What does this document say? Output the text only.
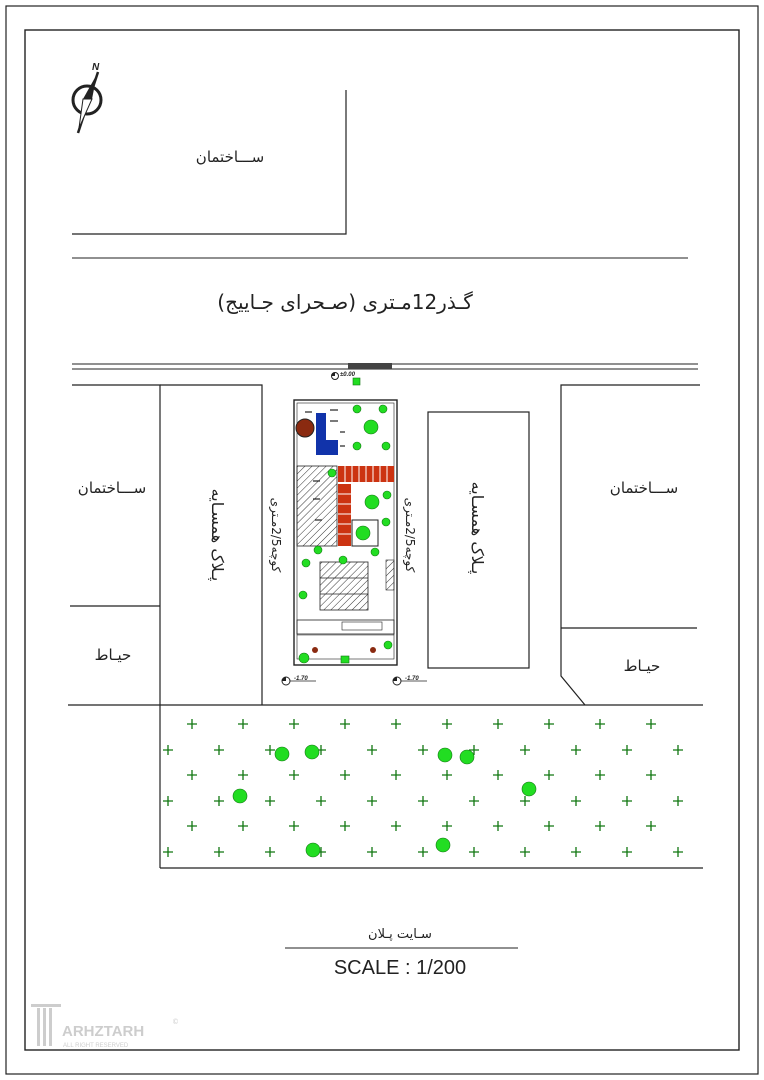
N
ســـاختمان
گـذر12مـتری (صـحرای جـاییج)
ســـاختمان
حیـاط
پـلاک همسـایه
±0.00
-1.70	-1.70
کوچه2/5مـتری
کوچه2/5مـتری	پـلاک همسـایه	ســـاختمان
حیـاط
سـایت پـلان
SCALE : 1/200
ARHZTARH
ALL RIGHT RESERVED
©
